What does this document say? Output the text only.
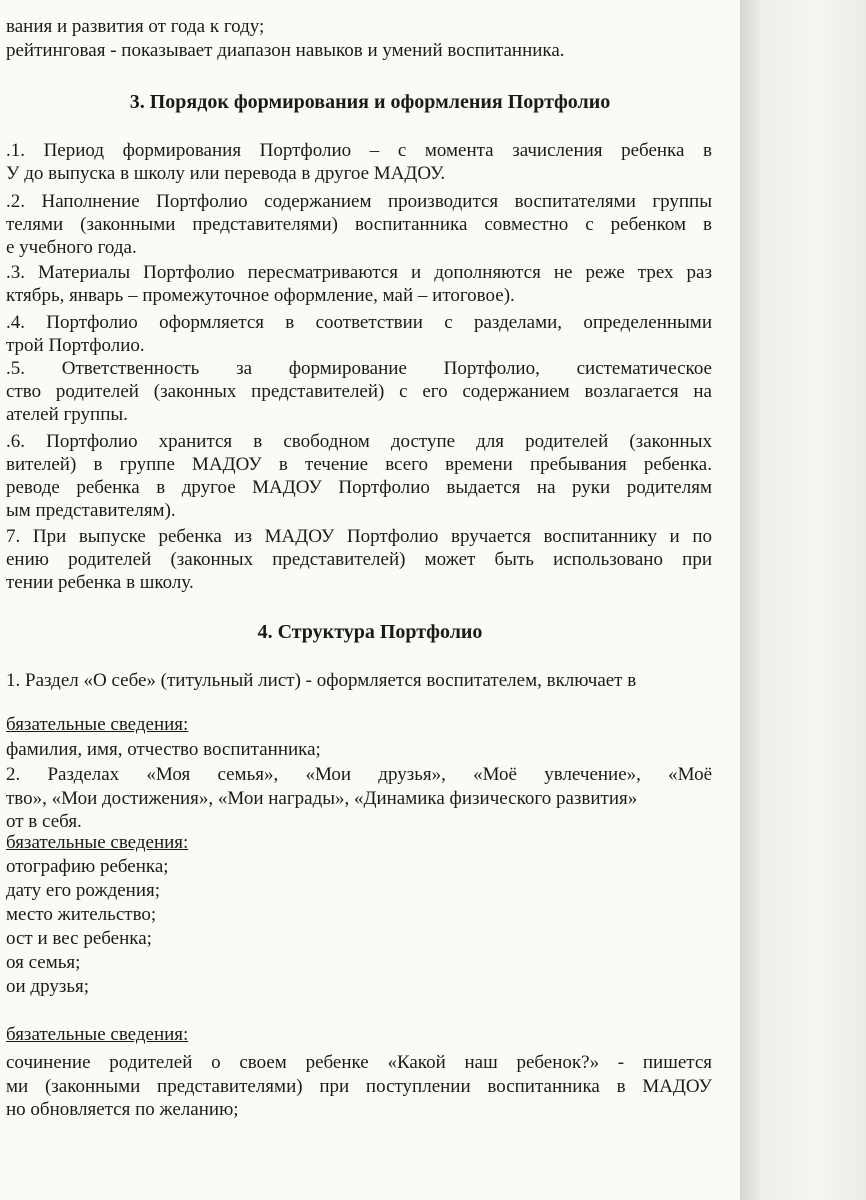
вания и развития от года к году;
рейтинговая - показывает диапазон навыков и умений воспитанника.
3. Порядок формирования и оформления Портфолио
.1. Период формирования Портфолио – с момента зачисления ребенка в
У до выпуска в школу или перевода в другое МАДОУ.
.2. Наполнение Портфолио содержанием производится воспитателями группы
телями (законными представителями) воспитанника совместно с ребенком в
е учебного года.
.3. Материалы Портфолио пересматриваются и дополняются не реже трех раз
ктябрь, январь – промежуточное оформление, май – итоговое).
.4. Портфолио оформляется в соответствии с разделами, определенными
трой Портфолио.
.5. Ответственность за формирование Портфолио, систематическое
ство родителей (законных представителей) с его содержанием возлагается на
ателей группы.
.6. Портфолио хранится в свободном доступе для родителей (законных
вителей) в группе МАДОУ в течение всего времени пребывания ребенка.
реводе ребенка в другое МАДОУ Портфолио выдается на руки родителям
ым представителям).
7. При выпуске ребенка из МАДОУ Портфолио вручается воспитаннику и по
ению родителей (законных представителей) может быть использовано при
тении ребенка в школу.
4. Структура Портфолио
1. Раздел «О себе» (титульный лист) - оформляется воспитателем, включает в
бязательные сведения:
фамилия, имя, отчество воспитанника;
2. Разделах «Моя семья», «Мои друзья», «Моё увлечение», «Моё
тво», «Мои достижения», «Мои награды», «Динамика физического развития»
от в себя.
бязательные сведения:
отографию ребенка;
дату его рождения;
место жительство;
ост и вес ребенка;
оя семья;
ои друзья;
бязательные сведения:
сочинение родителей о своем ребенке «Какой наш ребенок?» - пишется
ми (законными представителями) при поступлении воспитанника в МАДОУ
но обновляется по желанию;
